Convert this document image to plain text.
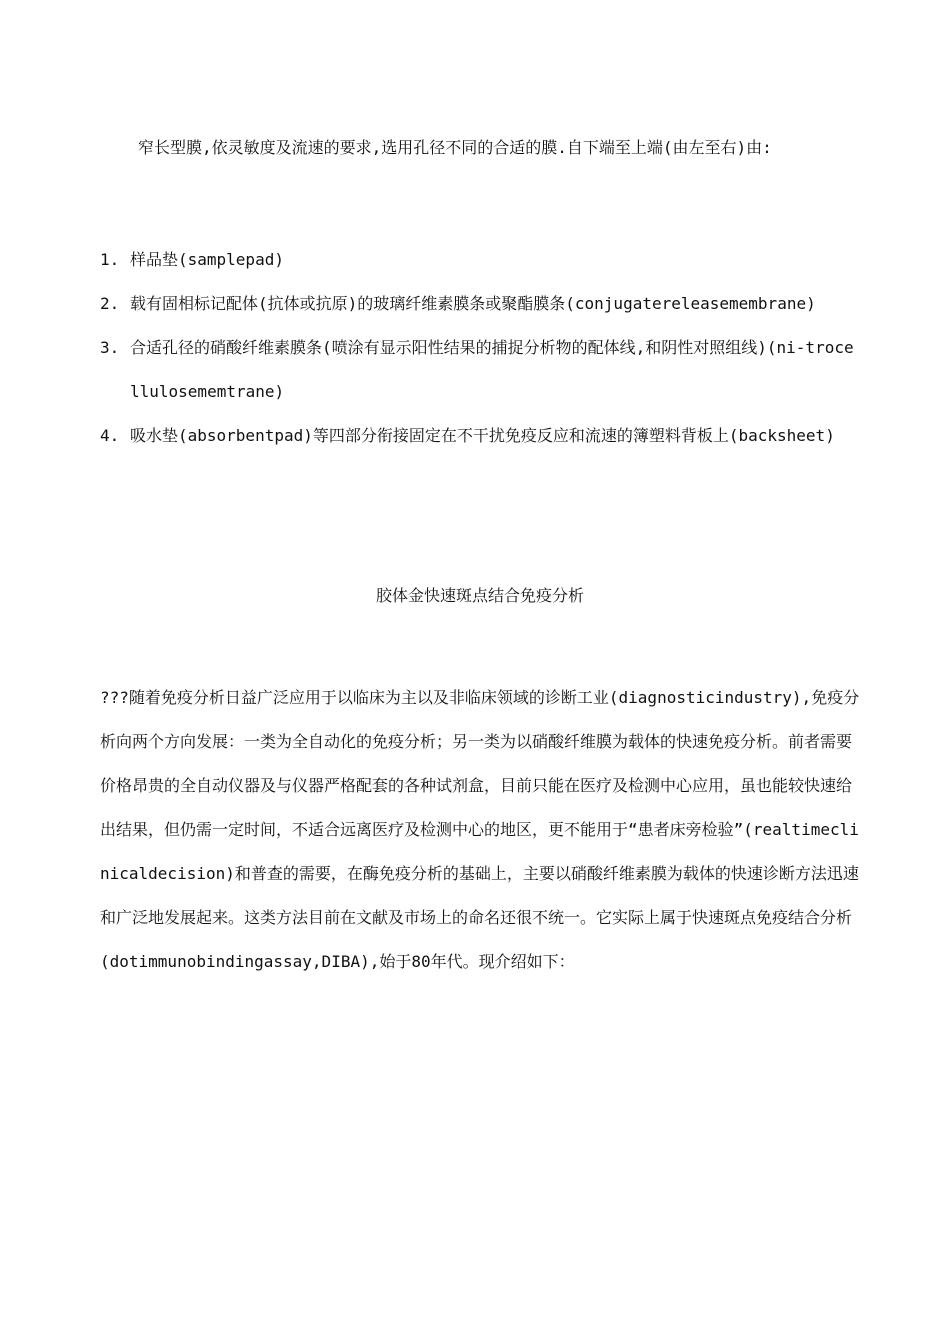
窄长型膜,依灵敏度及流速的要求,选用孔径不同的合适的膜.自下端至上端(由左至右)由:

1. 样品垫(samplepad)
2. 载有固相标记配体(抗体或抗原)的玻璃纤维素膜条或聚酯膜条(conjugatereleasemembrane)
3. 合适孔径的硝酸纤维素膜条(喷涂有显示阳性结果的捕捉分析物的配体线,和阴性对照组线)(ni-trocellulosememtrane)
4. 吸水垫(absorbentpad)等四部分衔接固定在不干扰免疫反应和流速的簿塑料背板上(backsheet)
胶体金快速斑点结合免疫分析

???随着免疫分析日益广泛应用于以临床为主以及非临床领域的诊断工业(diagnosticindustry),免疫分析向两个方向发展：一类为全自动化的免疫分析；另一类为以硝酸纤维膜为载体的快速免疫分析。前者需要价格昂贵的全自动仪器及与仪器严格配套的各种试剂盒，目前只能在医疗及检测中心应用，虽也能较快速给出结果，但仍需一定时间，不适合远离医疗及检测中心的地区，更不能用于“患者床旁检验”(realtimeclinicaldecision)和普查的需要，在酶免疫分析的基础上，主要以硝酸纤维素膜为载体的快速诊断方法迅速和广泛地发展起来。这类方法目前在文献及市场上的命名还很不统一。它实际上属于快速斑点免疫结合分析(dotimmunobindingassay,DIBA),始于80年代。现介绍如下：
